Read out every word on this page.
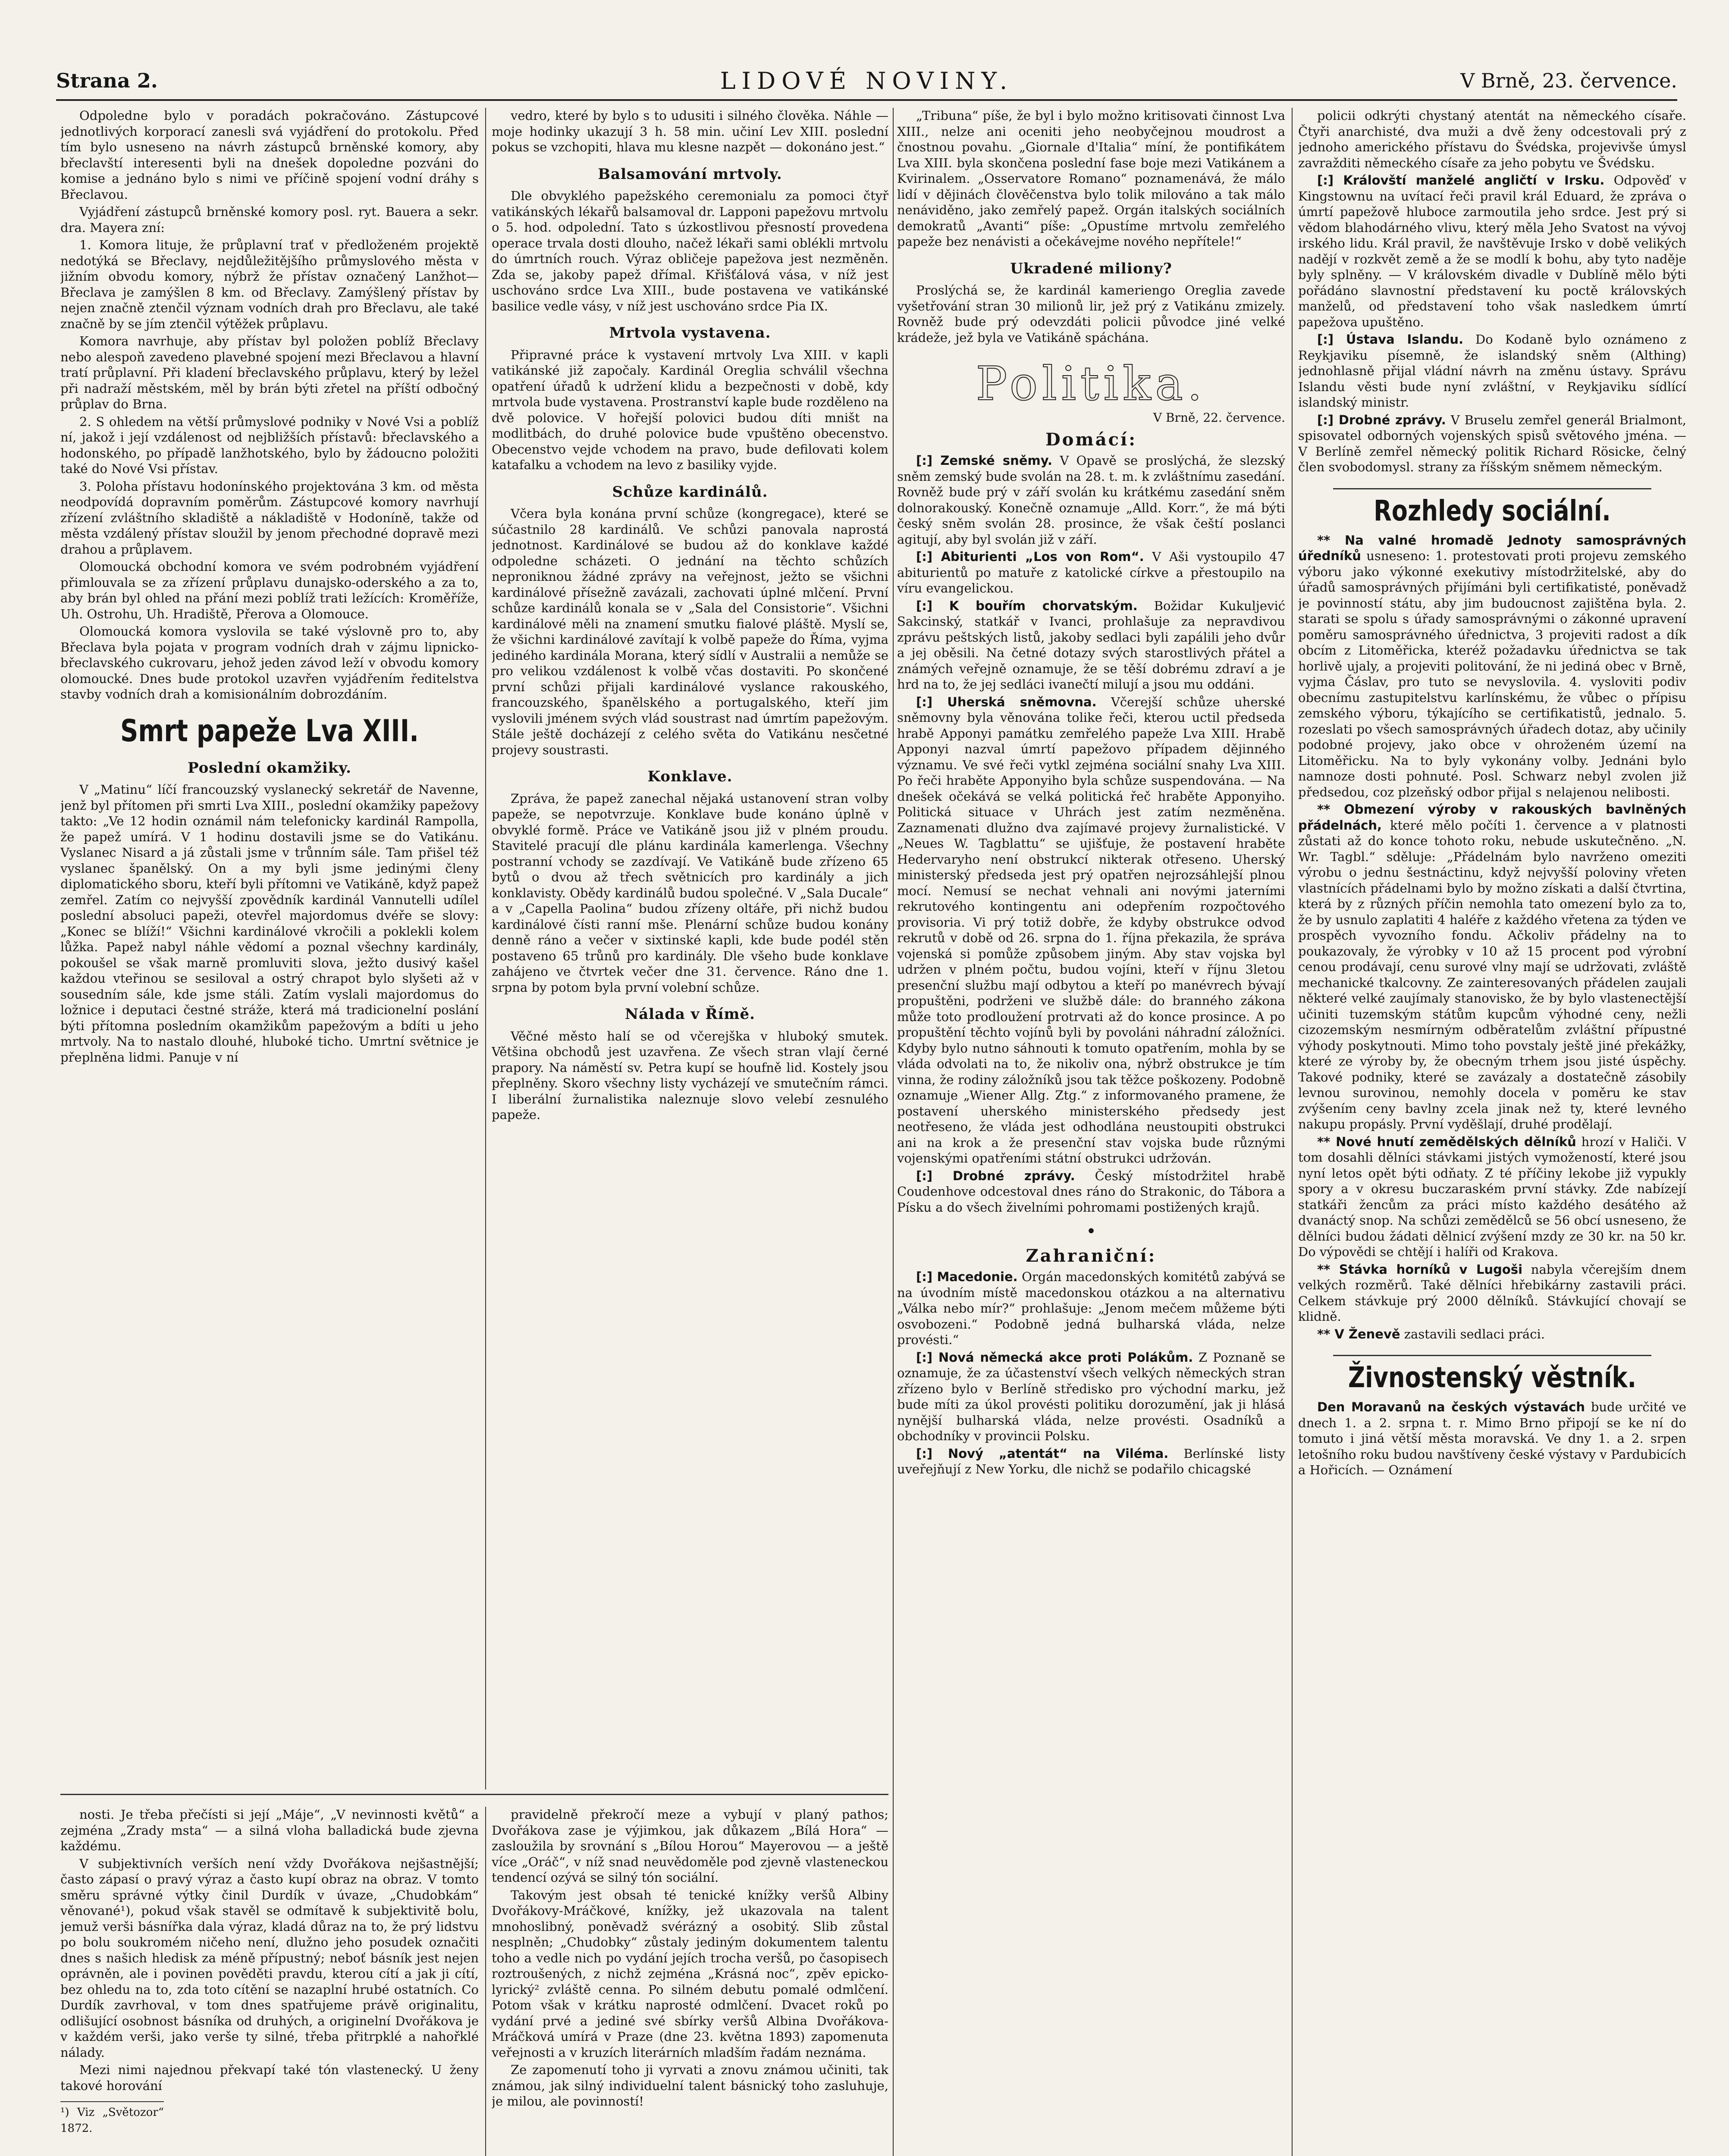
Strana 2.	LIDOVÉ NOVINY.	V Brně, 23. července.

Odpoledne bylo v poradách pokračováno. Zástupcové jednotlivých korporací zanesli svá vyjádření do protokolu. Před tím bylo usneseno na návrh zástupců brněnské komory, aby břeclavští interesenti byli na dnešek dopoledne pozváni do komise a jednáno bylo s nimi ve příčině spojení vodní dráhy s Břeclavou.

Vyjádření zástupců brněnské komory posl. ryt. Bauera a sekr. dra. Mayera zní:

1. Komora lituje, že průplavní trať v předloženém projektě nedotýká se Břeclavy, nejdůležitějšího průmyslového města v jižním obvodu komory, nýbrž že přístav označený Lanžhot—Břeclava je zamýšlen 8 km. od Břeclavy. Zamýšlený přístav by nejen značně ztenčil význam vodních drah pro Břeclavu, ale také značně by se jím ztenčil výtěžek průplavu.

Komora navrhuje, aby přístav byl položen poblíž Břeclavy nebo alespoň zavedeno plavebné spojení mezi Břeclavou a hlavní tratí průplavní. Při kladení břeclavského průplavu, který by ležel při nadraží městském, měl by brán býti zřetel na příští odbočný průplav do Brna.

2. S ohledem na větší průmyslové podniky v Nové Vsi a poblíž ní, jakož i její vzdálenost od nejbližších přístavů: břeclavského a hodonského, po případě lanžhotského, bylo by žádoucno položiti také do Nové Vsi přístav.

3. Poloha přístavu hodonínského projektována 3 km. od města neodpovídá dopravním poměrům. Zástupcové komory navrhují zřízení zvláštního skladiště a nákladiště v Hodoníně, takže od města vzdálený přístav sloužil by jenom přechodné dopravě mezi drahou a průplavem.

Olomoucká obchodní komora ve svém podrobném vyjádření přimlouvala se za zřízení průplavu dunajsko-oderského a za to, aby brán byl ohled na přání mezi poblíž trati ležících: Kroměříže, Uh. Ostrohu, Uh. Hradiště, Přerova a Olomouce.

Olomoucká komora vyslovila se také výslovně pro to, aby Břeclava byla pojata v program vodních drah v zájmu lipnicko-břeclavského cukrovaru, jehož jeden závod leží v obvodu komory olomoucké. Dnes bude protokol uzavřen vyjádřením ředitelstva stavby vodních drah a komisionálním dobrozdáním.

Smrt papeže Lva XIII.
Poslední okamžiky.

V „Matinu“ líčí francouzský vyslanecký sekretář de Navenne, jenž byl přítomen při smrti Lva XIII., poslední okamžiky papežovy takto: „Ve 12 hodin oznámil nám telefonicky kardinál Rampolla, že papež umírá. V 1 hodinu dostavili jsme se do Vatikánu. Vyslanec Nisard a já zůstali jsme v trůnním sále. Tam přišel též vyslanec španělský. On a my byli jsme jedinými členy diplomatického sboru, kteří byli přítomni ve Vatikáně, když papež zemřel. Zatím co nejvyšší zpovědník kardinál Vannutelli udílel poslední absoluci papeži, otevřel majordomus dvéře se slovy: „Konec se blíží!“ Všichni kardinálové vkročili a poklekli kolem lůžka. Papež nabyl náhle vědomí a poznal všechny kardinály, pokoušel se však marně promluviti slova, ježto dusivý kašel každou vteřinou se sesiloval a ostrý chrapot bylo slyšeti až v sousedním sále, kde jsme stáli. Zatím vyslali majordomus do ložnice i deputaci čestné stráže, která má tradicionelní poslání býti přítomna posledním okamžikům papežovým a bdíti u jeho mrtvoly. Na to nastalo dlouhé, hluboké ticho. Umrtní světnice je přeplněna lidmi. Panuje v ní

vedro, které by bylo s to udusiti i silného člověka. Náhle — moje hodinky ukazují 3 h. 58 min. učiní Lev XIII. poslední pokus se vzchopiti, hlava mu klesne nazpět — dokonáno jest.“

Balsamování mrtvoly.

Dle obvyklého papežského ceremonialu za pomoci čtyř vatikánských lékařů balsamoval dr. Lapponi papežovu mrtvolu o 5. hod. odpolední. Tato s úzkostlivou přesností provedena operace trvala dosti dlouho, načež lékaři sami oblékli mrtvolu do úmrtních rouch. Výraz obličeje papežova jest nezměněn. Zda se, jakoby papež dřímal. Křišťálová vása, v níž jest uschováno srdce Lva XIII., bude postavena ve vatikánské basilice vedle vásy, v níž jest uschováno srdce Pia IX.

Mrtvola vystavena.

Připravné práce k vystavení mrtvoly Lva XIII. v kapli vatikánské již započaly. Kardinál Oreglia schválil všechna opatření úřadů k udržení klidu a bezpečnosti v době, kdy mrtvola bude vystavena. Prostranství kaple bude rozděleno na dvě polovice. V hořejší polovici budou díti mništ na modlitbách, do druhé polovice bude vpuštěno obecenstvo. Obecenstvo vejde vchodem na pravo, bude defilovati kolem katafalku a vchodem na levo z basiliky vyjde.

Schůze kardinálů.

Včera byla konána první schůze (kongregace), které se súčastnilo 28 kardinálů. Ve schůzi panovala naprostá jednotnost. Kardinálové se budou až do konklave každé odpoledne scházeti. O jednání na těchto schůzích neproniknou žádné zprávy na veřejnost, ježto se všichni kardinálové přísežně zavázali, zachovati úplné mlčení. První schůze kardinálů konala se v „Sala del Consistorie“. Všichni kardinálové měli na znamení smutku fialové pláště. Myslí se, že všichni kardinálové zavítají k volbě papeže do Říma, vyjma jediného kardinála Morana, který sídlí v Australii a nemůže se pro velikou vzdálenost k volbě včas dostaviti. Po skončené první schůzi přijali kardinálové vyslance rakouského, francouzského, španělského a portugalského, kteří jim vyslovili jménem svých vlád soustrast nad úmrtím papežovým. Stále ještě docházejí z celého světa do Vatikánu nesčetné projevy soustrasti.

Konklave.

Zpráva, že papež zanechal nějaká ustanovení stran volby papeže, se nepotvrzuje. Konklave bude konáno úplně v obvyklé formě. Práce ve Vatikáně jsou již v plném proudu. Stavitelé pracují dle plánu kardinála kamerlenga. Všechny postranní vchody se zazdívají. Ve Vatikáně bude zřízeno 65 bytů o dvou až třech světnicích pro kardinály a jich konklavisty. Obědy kardinálů budou společné. V „Sala Ducale“ a v „Capella Paolina“ budou zřízeny oltáře, při nichž budou kardinálové čísti ranní mše. Plenární schůze budou konány denně ráno a večer v sixtinské kapli, kde bude podél stěn postaveno 65 trůnů pro kardinály. Dle všeho bude konklave zahájeno ve čtvrtek večer dne 31. července. Ráno dne 1. srpna by potom byla první volební schůze.

Nálada v Římě.

Věčné město halí se od včerejška v hluboký smutek. Většina obchodů jest uzavřena. Ze všech stran vlají černé prapory. Na náměstí sv. Petra kupí se houfně lid. Kostely jsou přeplněny. Skoro všechny listy vycházejí ve smutečním rámci. I liberální žurnalistika naleznuje slovo velebí zesnulého papeže.

„Tribuna“ píše, že byl i bylo možno kritisovati činnost Lva XIII., nelze ani oceniti jeho neobyčejnou moudrost a čnostnou povahu. „Giornale d'Italia“ míní, že pontifikátem Lva XIII. byla skončena poslední fase boje mezi Vatikánem a Kvirinalem. „Osservatore Romano“ poznamenává, že málo lidí v dějinách člověčenstva bylo tolik milováno a tak málo nenáviděno, jako zemřelý papež. Orgán italských sociálních demokratů „Avanti“ píše: „Opustíme mrtvolu zemřelého papeže bez nenávisti a očekávejme nového nepřítele!“

Ukradené miliony?

Proslýchá se, že kardinál kameriengo Oreglia zavede vyšetřování stran 30 milionů lir, jež prý z Vatikánu zmizely. Rovněž bude prý odevzdáti policii původce jiné velké krádeže, jež byla ve Vatikáně spáchána.

Politika.
V Brně, 22. července.
Domácí:

[:] Zemské sněmy. V Opavě se proslýchá, že slezský sněm zemský bude svolán na 28. t. m. k zvláštnímu zasedání. Rovněž bude prý v září svolán ku krátkému zasedání sněm dolnorakouský. Konečně oznamuje „Alld. Korr.“, že má býti český sněm svolán 28. prosince, že však čeští poslanci agitují, aby byl svolán již v září.

[:] Abiturienti „Los von Rom“. V Aši vystoupilo 47 abiturientů po matuře z katolické církve a přestoupilo na víru evangelickou.

[:] K bouřím chorvatským. Božidar Kukuljević Sakcinský, statkář v Ivanci, prohlašuje za nepravdivou zprávu peštských listů, jakoby sedlaci byli zapálili jeho dvůr a jej oběsili. Na četné dotazy svých starostlivých přátel a známých veřejně oznamuje, že se těší dobrému zdraví a je hrd na to, že jej sedláci ivanečtí milují a jsou mu oddáni.

[:] Uherská sněmovna. Včerejší schůze uherské sněmovny byla věnována tolike řeči, kterou uctil předseda hrabě Apponyi památku zemřelého papeže Lva XIII. Hrabě Apponyi nazval úmrtí papežovo případem dějinného významu. Ve své řeči vytkl zejména sociální snahy Lva XIII. Po řeči hraběte Apponyiho byla schůze suspendována. — Na dnešek očekává se velká politická řeč hraběte Apponyiho. Politická situace v Uhrách jest zatím nezměněna. Zaznamenati dlužno dva zajímavé projevy žurnalistické. V „Neues W. Tagblattu“ se ujišťuje, že postavení hraběte Hedervaryho není obstrukcí nikterak otřeseno. Uherský ministerský předseda jest prý opatřen nejrozsáhlejší plnou mocí. Nemusí se nechat vehnali ani novými jaterními rekrutového kontingentu ani odepřením rozpočtového provisoria. Vi prý totiž dobře, že kdyby obstrukce odvod rekrutů v době od 26. srpna do 1. října překazila, že správa vojenská si pomůže způsobem jiným. Aby stav vojska byl udržen v plném počtu, budou vojíni, kteří v říjnu 3letou presenční službu mají odbytou a kteří po manévrech bývají propuštěni, podrženi ve službě dále: do branného zákona může toto prodloužení protrvati až do konce prosince. A po propuštění těchto vojínů byli by povoláni náhradní záložníci. Kdyby bylo nutno sáhnouti k tomuto opatřením, mohla by se vláda odvolati na to, že nikoliv ona, nýbrž obstrukce je tím vinna, že rodiny záložníků jsou tak těžce poškozeny. Podobně oznamuje „Wiener Allg. Ztg.“ z informovaného pramene, že postavení uherského ministerského předsedy jest neotřeseno, že vláda jest odhodlána neustoupiti obstrukci ani na krok a že presenční stav vojska bude různými vojenskými opatřeními státní obstrukci udržován.

[:] Drobné zprávy. Český místodržitel hrabě Coudenhove odcestoval dnes ráno do Strakonic, do Tábora a Písku a do všech živelními pohromami postižených krajů.

•
Zahraniční:

[:] Macedonie. Orgán macedonských komitétů zabývá se na úvodním místě macedonskou otázkou a na alternativu „Válka nebo mír?“ prohlašuje: „Jenom mečem můžeme býti osvobozeni.“ Podobně jedná bulharská vláda, nelze provésti.“

[:] Nová německá akce proti Polákům. Z Poznaně se oznamuje, že za účastenství všech velkých německých stran zřízeno bylo v Berlíně středisko pro východní marku, jež bude míti za úkol provésti politiku dorozumění, jak ji hlásá nynější bulharská vláda, nelze provésti. Osadníků a obchodníky v provincii Polsku.

[:] Nový „atentát“ na Viléma. Berlínské listy uveřejňují z New Yorku, dle nichž se podařilo chicagské

policii odkrýti chystaný atentát na německého císaře. Čtyři anarchisté, dva muži a dvě ženy odcestovali prý z jednoho amerického přístavu do Švédska, projevivše úmysl zavražditi německého císaře za jeho pobytu ve Švédsku.

[:] Královští manželé angličtí v Irsku. Odpověď v Kingstownu na uvítací řeči pravil král Eduard, že zpráva o úmrtí papežově hluboce zarmoutila jeho srdce. Jest prý si vědom blahodárného vlivu, který měla Jeho Svatost na vývoj irského lidu. Král pravil, že navštěvuje Irsko v době velikých nadějí v rozkvět země a že se modlí k bohu, aby tyto naděje byly splněny. — V královském divadle v Dublíně mělo býti pořádáno slavnostní představení ku poctě královských manželů, od představení toho však nasledkem úmrtí papežova upuštěno.

[:] Ústava Islandu. Do Kodaně bylo oznámeno z Reykjaviku písemně, že islandský sněm (Althing) jednohlasně přijal vládní návrh na změnu ústavy. Správu Islandu věsti bude nyní zvláštní, v Reykjaviku sídlící islandský ministr.

[:] Drobné zprávy. V Bruselu zemřel generál Brialmont, spisovatel odborných vojenských spisů světového jména. — V Berlíně zemřel německý politik Richard Rösicke, čelný člen svobodomysl. strany za říšským sněmem německým.

Rozhledy sociální.

** Na valné hromadě Jednoty samosprávných úředníků usneseno: 1. protestovati proti projevu zemského výboru jako výkonné exekutivy místodržitelské, aby do úřadů samosprávných přijímáni byli certifikatisté, poněvadž je povinností státu, aby jim budoucnost zajištěna byla. 2. starati se spolu s úřady samosprávnými o zákonné upravení poměru samosprávného úřednictva, 3 projeviti radost a dík obcím z Litoměřicka, kteréž požadavku úřednictva se tak horlivě ujaly, a projeviti politování, že ni jediná obec v Brně, vyjma Čáslav, pro tuto se nevyslovila. 4. vysloviti podiv obecnímu zastupitelstvu karlínskému, že vůbec o přípisu zemského výboru, týkajícího se certifikatistů, jednalo. 5. rozeslati po všech samosprávných úřadech dotaz, aby učinily podobné projevy, jako obce v ohroženém území na Litoměřicku. Na to byly vykonány volby. Jednáni bylo namnoze dosti pohnuté. Posl. Schwarz nebyl zvolen již předsedou, coz plzeňský odbor přijal s nelajenou nelibosti.

** Obmezení výroby v rakouských bavlněných přádelnách, které mělo počíti 1. července a v platnosti zůstati až do konce tohoto roku, nebude uskutečněno. „N. Wr. Tagbl.“ sděluje: „Přádelnám bylo navrženo omeziti výrobu o jednu šestnáctinu, když nejvyšší poloviny vřeten vlastnících přádelnami bylo by možno získati a další čtvrtina, která by z různých příčin nemohla tato omezení bylo za to, že by usnulo zaplatiti 4 haléře z každého vřetena za týden ve prospěch vyvozního fondu. Ačkoliv přádelny na to poukazovaly, že výrobky v 10 až 15 procent pod výrobní cenou prodávají, cenu surové vlny mají se udržovati, zvláště mechanické tkalcovny. Ze zainteresovaných přádelen zaujali některé velké zaujímaly stanovisko, že by bylo vlastenectější učiniti tuzemským státům kupcům výhodné ceny, nežli cizozemským nesmírným odběratelům zvláštní přípustné výhody poskytnouti. Mimo toho povstaly ještě jiné překážky, které ze výroby by, že obecným trhem jsou jisté úspěchy. Takové podniky, které se zavázaly a dostatečně zásobily levnou surovinou, nemohly docela v poměru ke stav zvýšením ceny bavlny zcela jinak než ty, které levného nakupu propásly. První vyděšlají, druhé prodělají.

** Nové hnutí zemědělských dělníků hrozí v Haliči. V tom dosahli dělníci stávkami jistých vymožeností, které jsou nyní letos opět býti odňaty. Z té příčiny lekobe již vypukly spory a v okresu buczaraském první stávky. Zde nabízejí statkáři žencům za práci místo každého desátého až dvanáctý snop. Na schůzi zemědělců se 56 obcí usneseno, že dělníci budou žádati dělnicí zvýšení mzdy ze 30 kr. na 50 kr. Do výpovědi se chtějí i halíři od Krakova.

** Stávka horníků v Lugoši nabyla včerejším dnem velkých rozměrů. Také dělníci hřebikárny zastavili práci. Celkem stávkuje prý 2000 dělníků. Stávkující chovají se klidně.

** V Ženevě zastavili sedlaci práci.

Živnostenský věstník.

Den Moravanů na českých výstavách bude určité ve dnech 1. a 2. srpna t. r. Mimo Brno připojí se ke ní do tomuto i jiná větší města moravská. Ve dny 1. a 2. srpen letošního roku budou navštíveny české výstavy v Pardubicích a Hořicích. — Oznámení

nosti. Je třeba přečísti si její „Máje“, „V nevinnosti květů“ a zejména „Zrady msta“ — a silná vloha balladická bude zjevna každému.

V subjektivních verších není vždy Dvořákova nejšastnější; často zápasí o pravý výraz a často kupí obraz na obraz. V tomto směru správné výtky činil Durdík v úvaze, „Chudobkám“ věnované¹), pokud však stavěl se odmítavě k subjektivitě bolu, jemuž verši básnířka dala výraz, kladá důraz na to, že prý lidstvu po bolu soukromém ničeho není, dlužno jeho posudek označiti dnes s našich hledisk za méně přípustný; neboť básník jest nejen oprávněn, ale i povinen pověděti pravdu, kterou cítí a jak ji cítí, bez ohledu na to, zda toto cítění se nazaplní hrubé ostatních. Co Durdík zavrhoval, v tom dnes spatřujeme právě originalitu, odlišující osobnost básníka od druhých, a originelní Dvořákova je v každém verši, jako verše ty silné, třeba přitrpklé a nahořklé nálady.

Mezi nimi najednou překvapí také tón vlastenecký. U ženy takové horování

¹) Viz „Světozor“ 1872.

pravidelně překročí meze a vybují v planý pathos; Dvořákova zase je výjimkou, jak důkazem „Bílá Hora“ — zasloužila by srovnání s „Bílou Horou“ Mayerovou — a ještě více „Oráč“, v níž snad neuvědoměle pod zjevně vlasteneckou tendencí ozývá se silný tón sociální.

Takovým jest obsah té tenické knížky veršů Albiny Dvořákovy-Mráčkové, knížky, jež ukazovala na talent mnohoslibný, poněvadž svérázný a osobitý. Slib zůstal nesplněn; „Chudobky“ zůstaly jediným dokumentem talentu toho a vedle nich po vydání jejích trocha veršů, po časopisech roztroušených, z nichž zejména „Krásná noc“, zpěv epicko-lyrický² zvláště cenna. Po silném debutu pomalé odmlčení. Potom však v krátku naprosté odmlčení. Dvacet roků po vydání prvé a jediné své sbírky veršů Albina Dvořákova-Mráčková umírá v Praze (dne 23. května 1893) zapomenuta veřejnosti a v kruzích literárních mladším řadám neznáma.

Ze zapomenutí toho ji vyrvati a znovu známou učiniti, tak známou, jak silný individuelní talent básnický toho zasluhuje, je milou, ale povinností!
